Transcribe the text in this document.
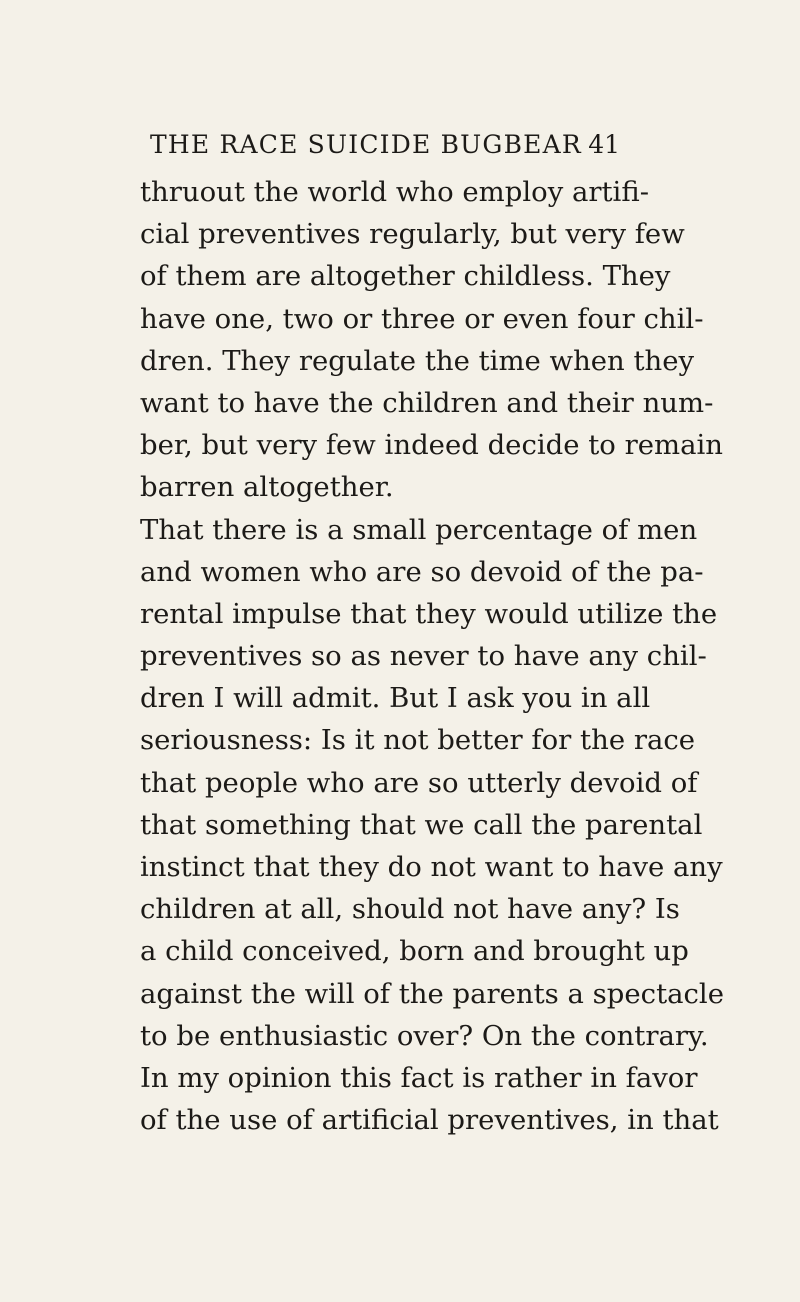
THE RACE SUICIDE BUGBEAR 41
thruout the world who employ artifi-
cial preventives regularly, but very few
of them are altogether childless. They
have one, two or three or even four chil-
dren. They regulate the time when they
want to have the children and their num-
ber, but very few indeed decide to remain
barren altogether.
That there is a small percentage of men
and women who are so devoid of the pa-
rental impulse that they would utilize the
preventives so as never to have any chil-
dren I will admit. But I ask you in all
seriousness: Is it not better for the race
that people who are so utterly devoid of
that something that we call the parental
instinct that they do not want to have any
children at all, should not have any? Is
a child conceived, born and brought up
against the will of the parents a spectacle
to be enthusiastic over? On the contrary.
In my opinion this fact is rather in favor
of the use of artificial preventives, in that
